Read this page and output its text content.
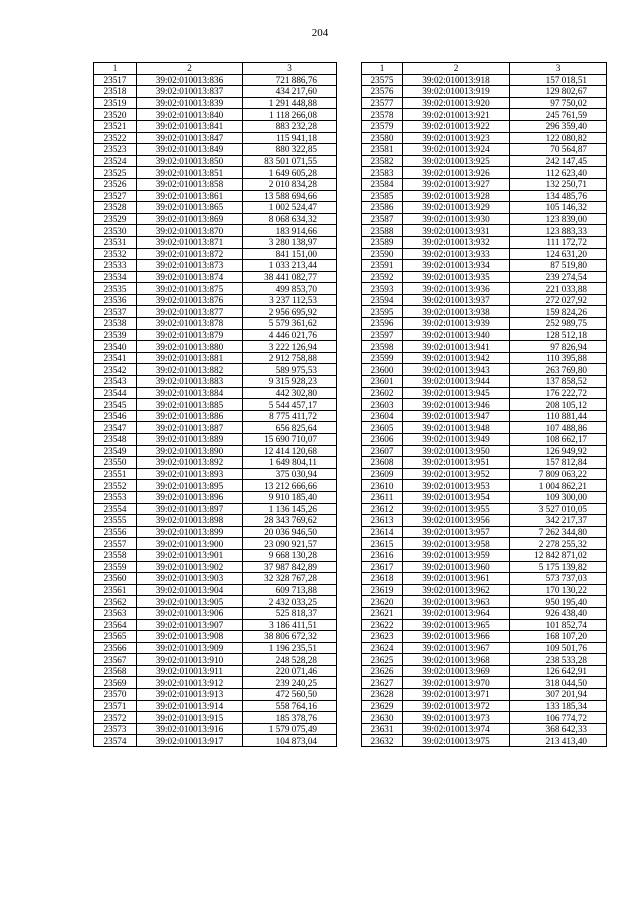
204
1	2	3
23517	39:02:010013:836	721 886,76
23518	39:02:010013:837	434 217,60
23519	39:02:010013:839	1 291 448,88
23520	39:02:010013:840	1 118 266,08
23521	39:02:010013:841	883 232,28
23522	39:02:010013:847	115 941,18
23523	39:02:010013:849	880 322,85
23524	39:02:010013:850	83 501 071,55
23525	39:02:010013:851	1 649 605,28
23526	39:02:010013:858	2 010 834,28
23527	39:02:010013:861	13 588 694,66
23528	39:02:010013:865	1 002 524,47
23529	39:02:010013:869	8 068 634,32
23530	39:02:010013:870	183 914,66
23531	39:02:010013:871	3 280 138,97
23532	39:02:010013:872	841 151,00
23533	39:02:010013:873	1 033 213,44
23534	39:02:010013:874	38 441 082,77
23535	39:02:010013:875	499 853,70
23536	39:02:010013:876	3 237 112,53
23537	39:02:010013:877	2 956 695,92
23538	39:02:010013:878	5 579 361,62
23539	39:02:010013:879	4 446 021,76
23540	39:02:010013:880	3 222 126,94
23541	39:02:010013:881	2 912 758,88
23542	39:02:010013:882	589 975,53
23543	39:02:010013:883	9 315 928,23
23544	39:02:010013:884	442 302,80
23545	39:02:010013:885	5 544 457,17
23546	39:02:010013:886	8 775 411,72
23547	39:02:010013:887	656 825,64
23548	39:02:010013:889	15 690 710,07
23549	39:02:010013:890	12 414 120,68
23550	39:02:010013:892	1 649 804,11
23551	39:02:010013:893	375 030,94
23552	39:02:010013:895	13 212 666,66
23553	39:02:010013:896	9 910 185,40
23554	39:02:010013:897	1 136 145,26
23555	39:02:010013:898	28 343 769,62
23556	39:02:010013:899	20 036 946,50
23557	39:02:010013:900	23 090 921,57
23558	39:02:010013:901	9 668 130,28
23559	39:02:010013:902	37 987 842,89
23560	39:02:010013:903	32 328 767,28
23561	39:02:010013:904	609 713,88
23562	39:02:010013:905	2 432 033,25
23563	39:02:010013:906	525 818,37
23564	39:02:010013:907	3 186 411,51
23565	39:02:010013:908	38 806 672,32
23566	39:02:010013:909	1 196 235,51
23567	39:02:010013:910	248 528,28
23568	39:02:010013:911	220 071,46
23569	39:02:010013:912	239 240,25
23570	39:02:010013:913	472 560,50
23571	39:02:010013:914	558 764,16
23572	39:02:010013:915	185 378,76
23573	39:02:010013:916	1 579 075,49
23574	39:02:010013:917	104 873,04
1	2	3
23575	39:02:010013:918	157 018,51
23576	39:02:010013:919	129 802,67
23577	39:02:010013:920	97 750,02
23578	39:02:010013:921	245 761,59
23579	39:02:010013:922	296 359,40
23580	39:02:010013:923	122 080,82
23581	39:02:010013:924	70 564,87
23582	39:02:010013:925	242 147,45
23583	39:02:010013:926	112 623,40
23584	39:02:010013:927	132 250,71
23585	39:02:010013:928	134 485,76
23586	39:02:010013:929	105 146,32
23587	39:02:010013:930	123 839,00
23588	39:02:010013:931	123 883,33
23589	39:02:010013:932	111 172,72
23590	39:02:010013:933	124 631,20
23591	39:02:010013:934	87 519,80
23592	39:02:010013:935	239 274,54
23593	39:02:010013:936	221 033,88
23594	39:02:010013:937	272 027,92
23595	39:02:010013:938	159 824,26
23596	39:02:010013:939	252 989,75
23597	39:02:010013:940	128 512,18
23598	39:02:010013:941	97 826,94
23599	39:02:010013:942	110 395,88
23600	39:02:010013:943	263 769,80
23601	39:02:010013:944	137 858,52
23602	39:02:010013:945	176 222,72
23603	39:02:010013:946	208 105,12
23604	39:02:010013:947	110 881,44
23605	39:02:010013:948	107 488,86
23606	39:02:010013:949	108 662,17
23607	39:02:010013:950	126 949,92
23608	39:02:010013:951	157 812,84
23609	39:02:010013:952	7 809 063,22
23610	39:02:010013:953	1 004 862,21
23611	39:02:010013:954	109 300,00
23612	39:02:010013:955	3 527 010,05
23613	39:02:010013:956	342 217,37
23614	39:02:010013:957	7 262 344,80
23615	39:02:010013:958	2 278 255,32
23616	39:02:010013:959	12 842 871,02
23617	39:02:010013:960	5 175 139,82
23618	39:02:010013:961	573 737,03
23619	39:02:010013:962	170 130,22
23620	39:02:010013:963	950 195,40
23621	39:02:010013:964	926 438,40
23622	39:02:010013:965	101 852,74
23623	39:02:010013:966	168 107,20
23624	39:02:010013:967	109 501,76
23625	39:02:010013:968	238 533,28
23626	39:02:010013:969	126 642,91
23627	39:02:010013:970	318 044,50
23628	39:02:010013:971	307 201,94
23629	39:02:010013:972	133 185,34
23630	39:02:010013:973	106 774,72
23631	39:02:010013:974	368 642,33
23632	39:02:010013:975	213 413,40
